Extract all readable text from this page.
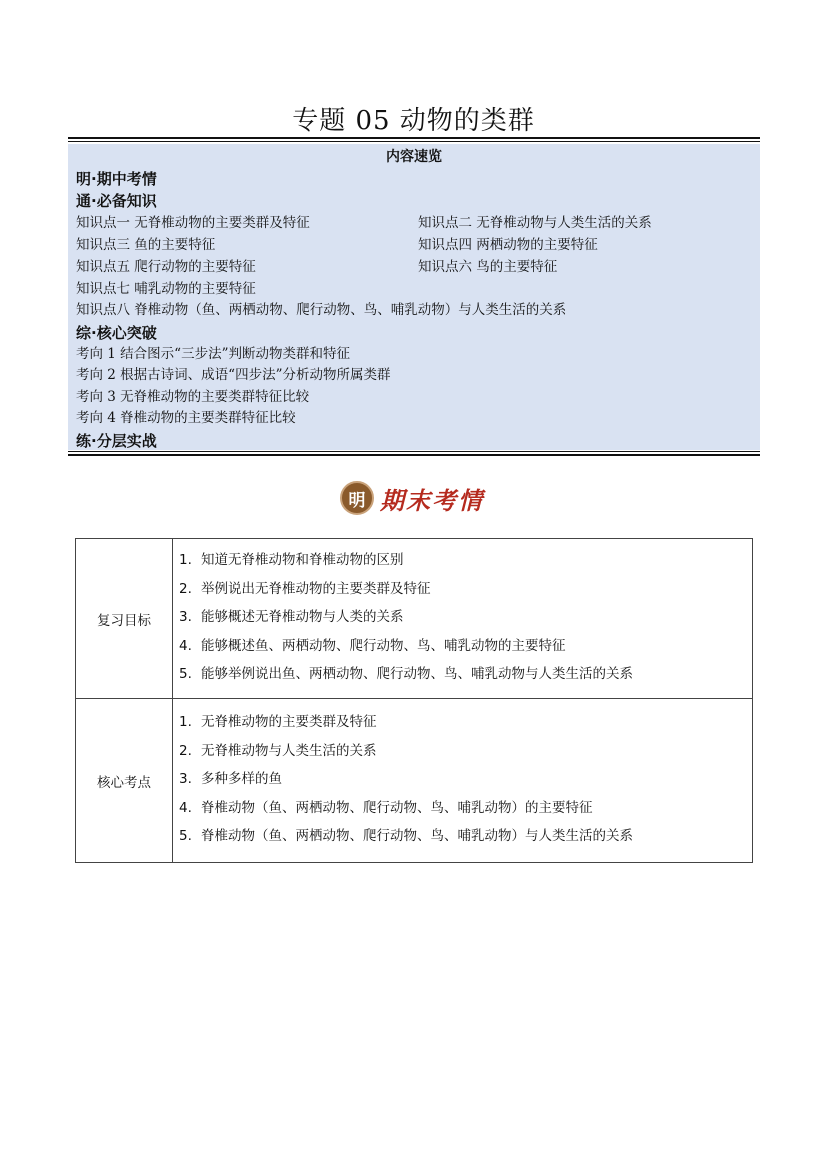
专题 05 动物的类群
内容速览
明·期中考情
通·必备知识
知识点一 无脊椎动物的主要类群及特征	知识点二 无脊椎动物与人类生活的关系
知识点三 鱼的主要特征	知识点四 两栖动物的主要特征
知识点五 爬行动物的主要特征	知识点六 鸟的主要特征
知识点七 哺乳动物的主要特征
知识点八 脊椎动物（鱼、两栖动物、爬行动物、鸟、哺乳动物）与人类生活的关系
综·核心突破
考向 1 结合图示“三步法”判断动物类群和特征
考向 2 根据古诗词、成语“四步法”分析动物所属类群
考向 3 无脊椎动物的主要类群特征比较
考向 4 脊椎动物的主要类群特征比较
练·分层实战
明 期末考情
复习目标	1. 知道无脊椎动物和脊椎动物的区别
2. 举例说出无脊椎动物的主要类群及特征
3. 能够概述无脊椎动物与人类的关系
4. 能够概述鱼、两栖动物、爬行动物、鸟、哺乳动物的主要特征
5. 能够举例说出鱼、两栖动物、爬行动物、鸟、哺乳动物与人类生活的关系

核心考点	1. 无脊椎动物的主要类群及特征
2. 无脊椎动物与人类生活的关系
3. 多种多样的鱼
4. 脊椎动物（鱼、两栖动物、爬行动物、鸟、哺乳动物）的主要特征
5. 脊椎动物（鱼、两栖动物、爬行动物、鸟、哺乳动物）与人类生活的关系
